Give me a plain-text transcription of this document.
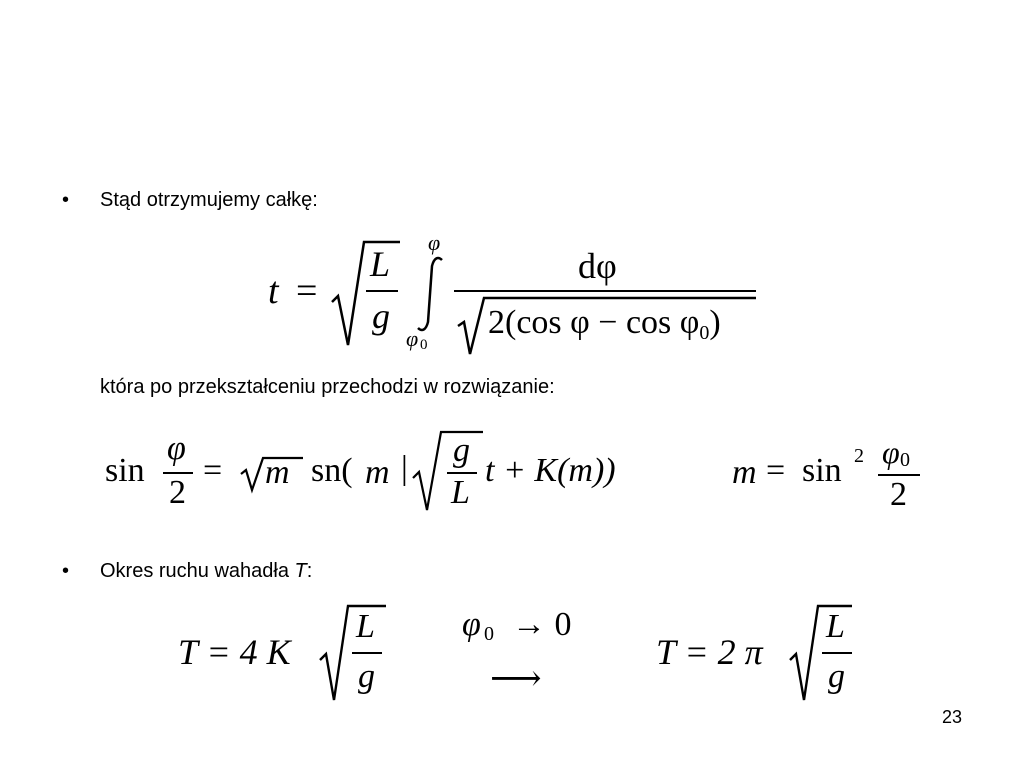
• Stąd otrzymujemy całkę:
t =
L
g
φ
φ 0
dφ
2(cos φ − cos φ0)
która po przekształceniu przechodzi w rozwiązanie:
sin
φ
2
= m sn( m | g
L
t + K(m))	m = sin 2 φ 0
2
• Okres ruchu wahadła T:
T = 4 K
L
g
φ 0 → 0
⟶
T = 2 π
L
g
23
